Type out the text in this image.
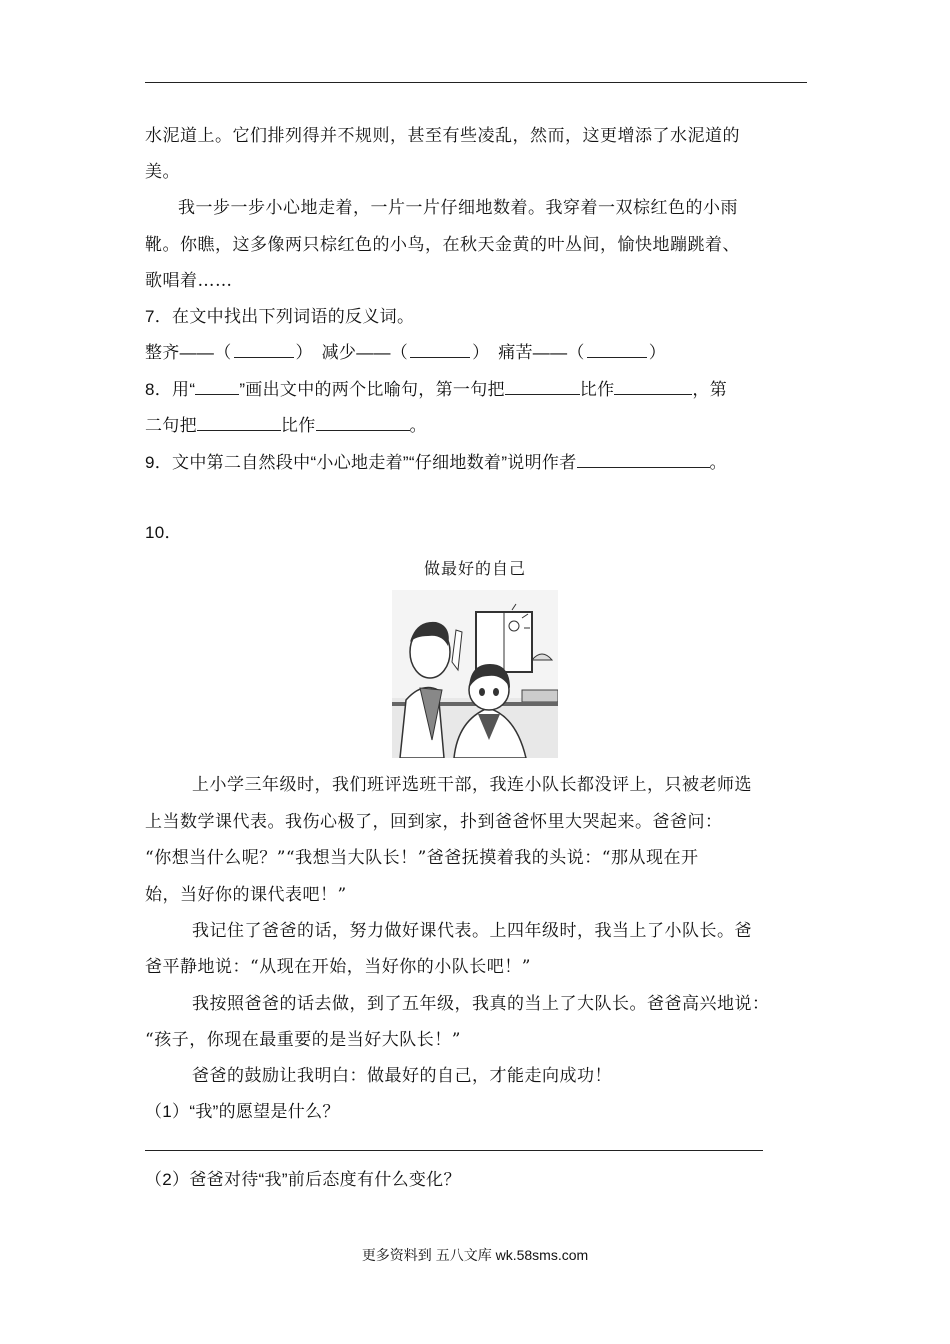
水泥道上。它们排列得并不规则，甚至有些凌乱，然而，这更增添了水泥道的
美。
我一步一步小心地走着，一片一片仔细地数着。我穿着一双棕红色的小雨
靴。你瞧，这多像两只棕红色的小鸟，在秋天金黄的叶丛间，愉快地蹦跳着、
歌唱着……
7．在文中找出下列词语的反义词。
整齐——（	）　减少——（	）　痛苦——（	）
8．用“	”画出文中的两个比喻句，第一句把	比作	，第
二句把	比作	。
9．文中第二自然段中“小心地走着”“仔细地数着”说明作者	。
10．
做最好的自己
上小学三年级时，我们班评选班干部，我连小队长都没评上，只被老师选
上当数学课代表。我伤心极了，回到家，扑到爸爸怀里大哭起来。爸爸问：
“你想当什么呢？”“我想当大队长！”爸爸抚摸着我的头说：“那从现在开
始，当好你的课代表吧！”
我记住了爸爸的话，努力做好课代表。上四年级时，我当上了小队长。爸
爸平静地说：“从现在开始，当好你的小队长吧！”
我按照爸爸的话去做，到了五年级，我真的当上了大队长。爸爸高兴地说：
“孩子，你现在最重要的是当好大队长！”
爸爸的鼓励让我明白：做最好的自己，才能走向成功！
（1）“我”的愿望是什么？
（2）爸爸对待“我”前后态度有什么变化？
更多资料到 五八文库 wk.58sms.com
